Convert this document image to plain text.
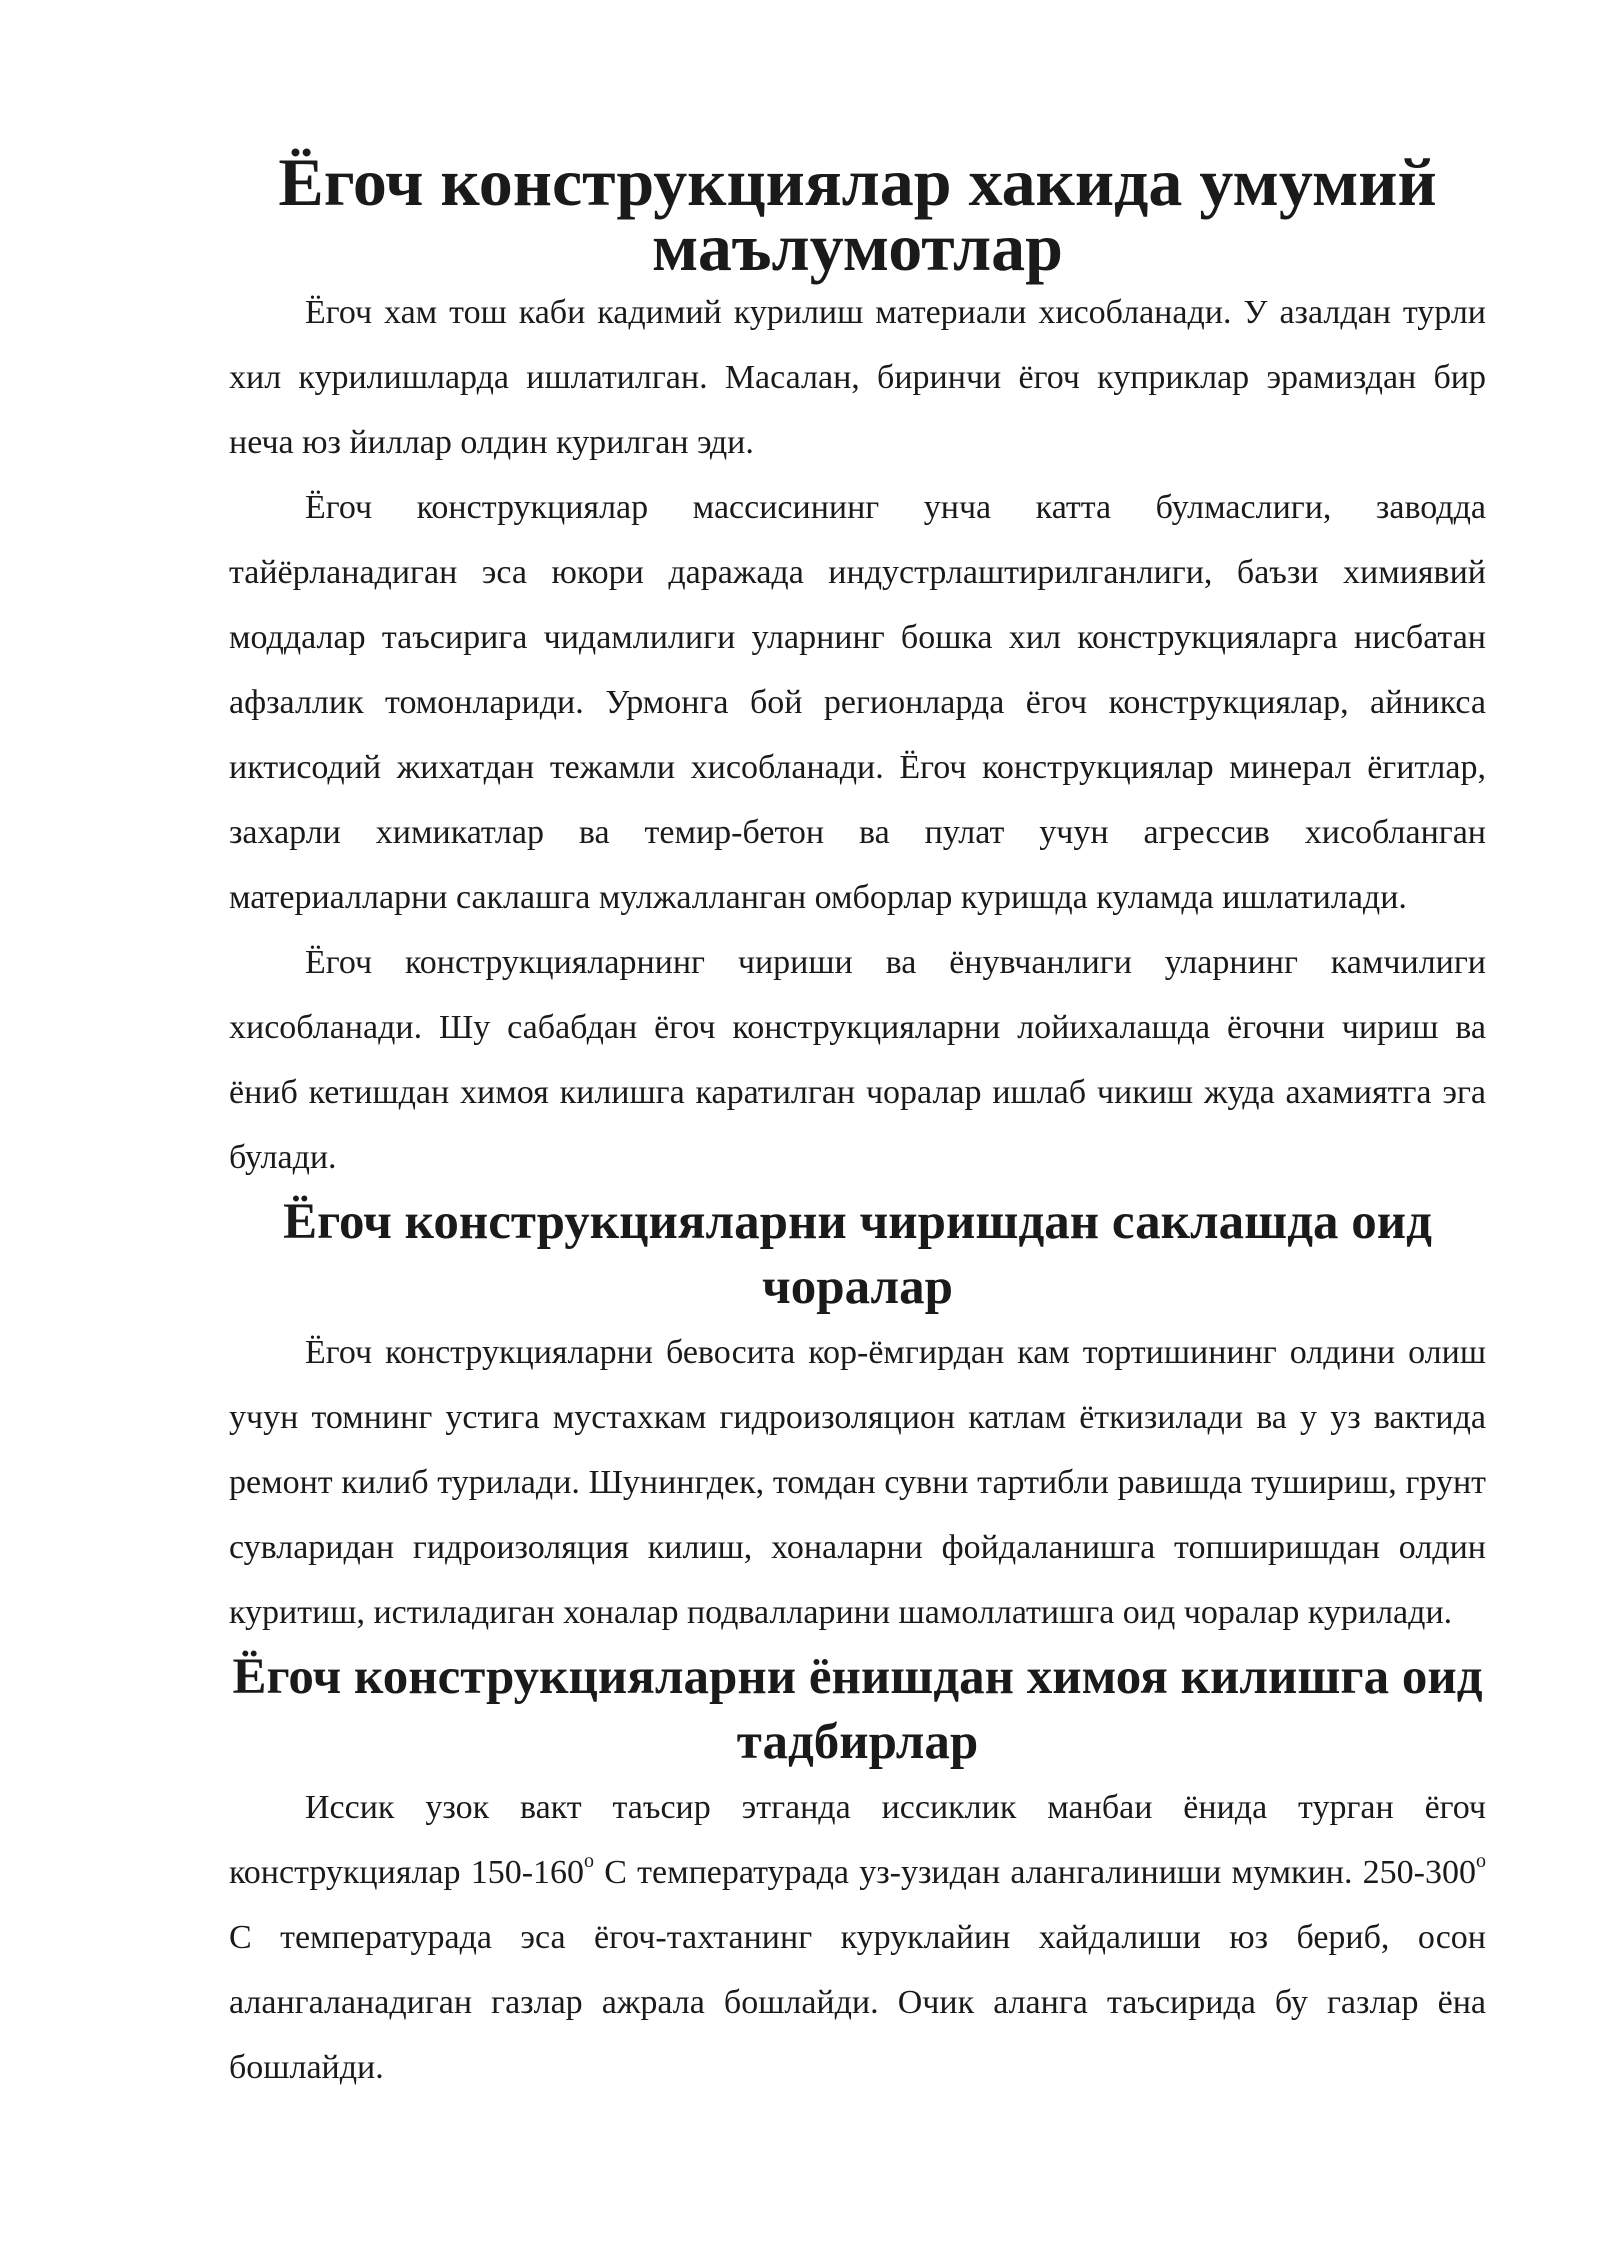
Ёгоч конструкциялар хакида умумий маълумотлар

Ёгоч хам тош каби кадимий курилиш материали хисобланади. У азалдан турли хил курилишларда ишлатилган. Масалан, биринчи ёгоч куприклар эрамиздан бир неча юз йиллар олдин курилган эди.

Ёгоч конструкциялар массисининг унча катта булмаслиги, заводда тайёрланадиган эса юкори даражада индустрлаштирилганлиги, баъзи химиявий моддалар таъсирига чидамлилиги уларнинг бошка хил конструкцияларга нисбатан афзаллик томонлариди. Урмонга бой регионларда ёгоч конструкциялар, айникса иктисодий жихатдан тежамли хисобланади. Ёгоч конструкциялар минерал ёгитлар, захарли химикатлар ва темир-бетон ва пулат учун агрессив хисобланган материалларни саклашга мулжалланган омборлар куришда куламда ишлатилади.

Ёгоч конструкцияларнинг чириши ва ёнувчанлиги уларнинг камчилиги хисобланади. Шу сабабдан ёгоч конструкцияларни лойихалашда ёгочни чириш ва ёниб кетишдан химоя килишга каратилган чоралар ишлаб чикиш жуда ахамиятга эга булади.

Ёгоч конструкцияларни чиришдан саклашда оид чоралар

Ёгоч конструкцияларни бевосита кор-ёмгирдан кам тортишининг олдини олиш учун томнинг устига мустахкам гидроизоляцион катлам ёткизилади ва у уз вактида ремонт килиб турилади. Шунингдек, томдан сувни тартибли равишда тушириш, грунт сувларидан гидроизоляция килиш, хоналарни фойдаланишга топширишдан олдин куритиш, истиладиган хоналар подвалларини шамоллатишга оид чоралар курилади.

Ёгоч конструкцияларни ёнишдан химоя килишга оид тадбирлар

Иссик узок вакт таъсир этганда иссиклик манбаи ёнида турган ёгоч конструкциялар $150-160^о$ С температурада уз-узидан алангалиниши мумкин. $250-300^о$ С температурада эса ёгоч-тахтанинг куруклайин хайдалиши юз бериб, осон алангаланадиган газлар ажрала бошлайди. Очик аланга таъсирида бу газлар ёна бошлайди.
